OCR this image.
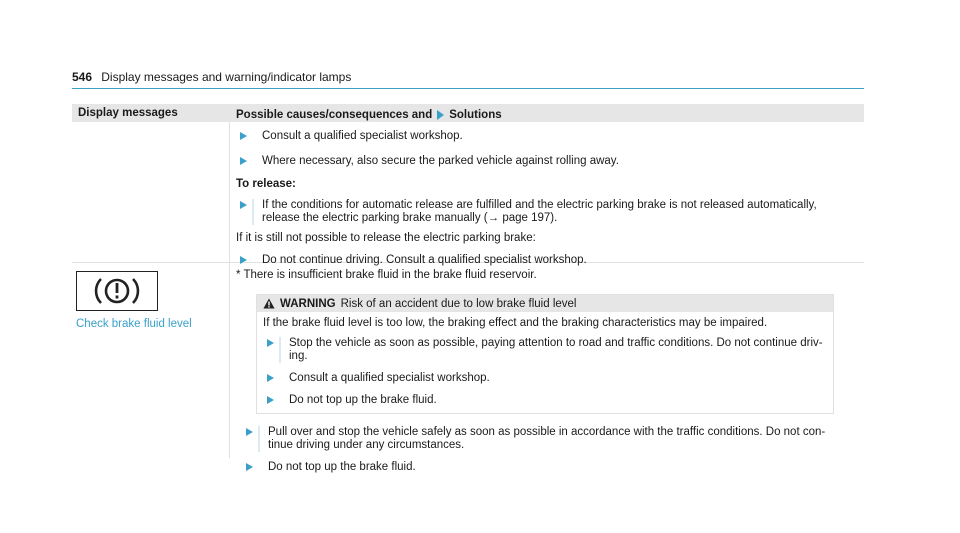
546 Display messages and warning/indicator lamps
Display messages	Possible causes/consequences and Solutions
Consult a qualified specialist workshop.
Where necessary, also secure the parked vehicle against rolling away.
To release:
If the conditions for automatic release are fulfilled and the electric parking brake is not released automatically,
release the electric parking brake manually (→ page 197).
If it is still not possible to release the electric parking brake:
Do not continue driving. Consult a qualified specialist workshop.
Check brake fluid level
* There is insufficient brake fluid in the brake fluid reservoir.
WARNING Risk of an accident due to low brake fluid level
If the brake fluid level is too low, the braking effect and the braking characteristics may be impaired.
Stop the vehicle as soon as possible, paying attention to road and traffic conditions. Do not continue driv-
ing.
Consult a qualified specialist workshop.
Do not top up the brake fluid.
Pull over and stop the vehicle safely as soon as possible in accordance with the traffic conditions. Do not con-
tinue driving under any circumstances.
Do not top up the brake fluid.
